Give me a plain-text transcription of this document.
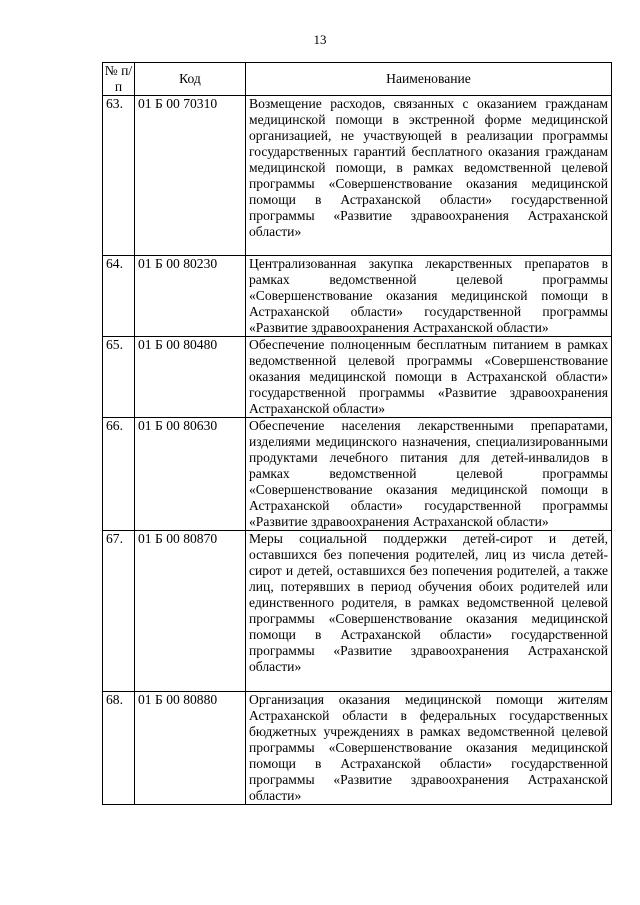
13
№ п/п	Код	Наименование
63.	01 Б 00 70310	Возмещение расходов, связанных с оказанием гражданам медицинской помощи в экстренной форме медицинской организацией, не участвующей в реализации программы государственных гарантий бесплатного оказания гражданам медицинской помощи, в рамках ведомственной целевой программы «Совершенствование оказания медицинской помощи в Астраханской области» государственной программы «Развитие здравоохранения Астраханской области»
64.	01 Б 00 80230	Централизованная закупка лекарственных препаратов в рамках ведомственной целевой программы «Совершенствование оказания медицинской помощи в Астраханской области» государственной программы «Развитие здравоохранения Астраханской области»
65.	01 Б 00 80480	Обеспечение полноценным бесплатным питанием в рамках ведомственной целевой программы «Совершенствование оказания медицинской помощи в Астраханской области» государственной программы «Развитие здравоохранения Астраханской области»
66.	01 Б 00 80630	Обеспечение населения лекарственными препаратами, изделиями медицинского назначения, специализированными продуктами лечебного питания для детей-инвалидов в рамках ведомственной целевой программы «Совершенствование оказания медицинской помощи в Астраханской области» государственной программы «Развитие здравоохранения Астраханской области»
67.	01 Б 00 80870	Меры социальной поддержки детей-сирот и детей, оставшихся без попечения родителей, лиц из числа детей-сирот и детей, оставшихся без попечения родителей, а также лиц, потерявших в период обучения обоих родителей или единственного родителя, в рамках ведомственной целевой программы «Совершенствование оказания медицинской помощи в Астраханской области» государственной программы «Развитие здравоохранения Астраханской области»
68.	01 Б 00 80880	Организация оказания медицинской помощи жителям Астраханской области в федеральных государственных бюджетных учреждениях в рамках ведомственной целевой программы «Совершенствование оказания медицинской помощи в Астраханской области» государственной программы «Развитие здравоохранения Астраханской области»
